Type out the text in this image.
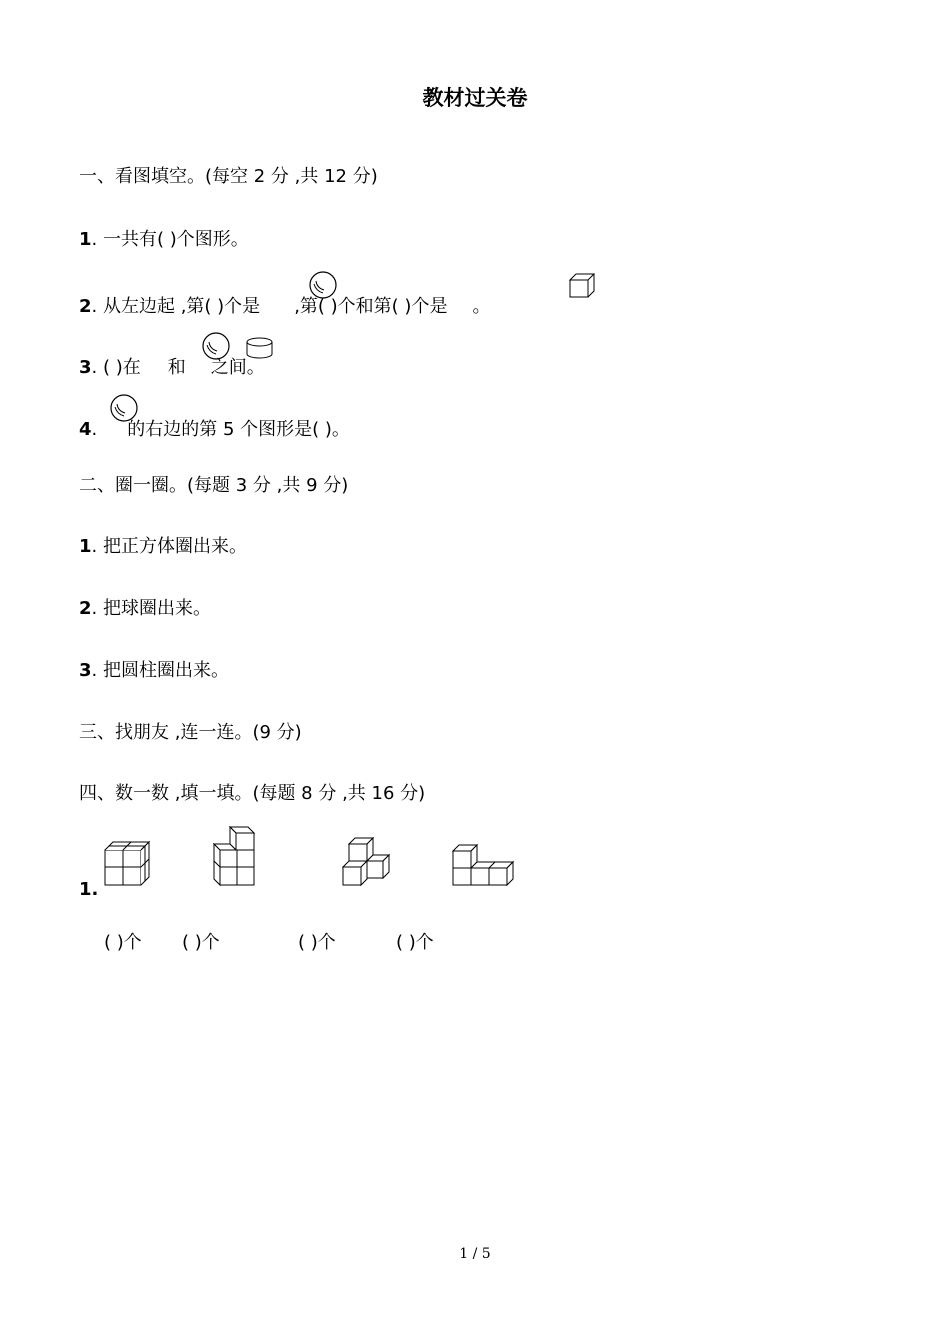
教材过关卷
一、看图填空。(每空 2 分 ,共 12 分)
1. 一共有( )个图形。
2. 从左边起 ,第( )个是 ,第( )个和第( )个是 。
3. ( )在 和 之间。
4. 的右边的第 5 个图形是( )。
二、圈一圈。(每题 3 分 ,共 9 分)
1. 把正方体圈出来。
2. 把球圈出来。
3. 把圆柱圈出来。
三、找朋友 ,连一连。(9 分)
四、数一数 ,填一填。(每题 8 分 ,共 16 分)
1.
( )个 ( )个	( )个	( )个
1 / 5
